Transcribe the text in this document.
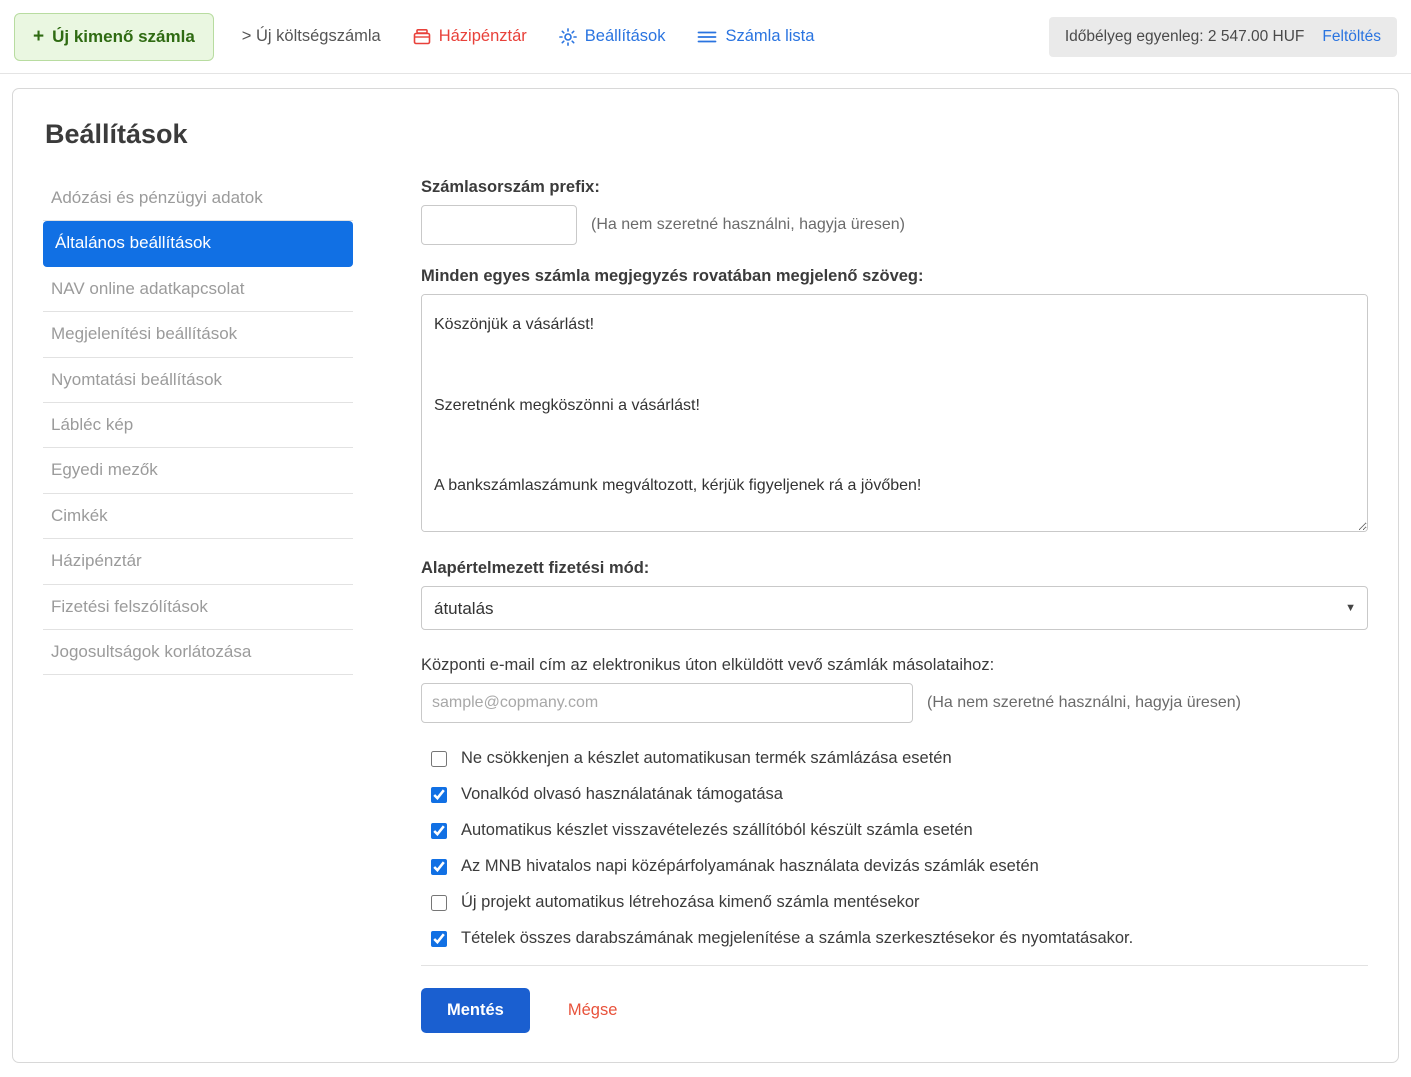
+ Új kimenő számla	> Új költségszámla	Házipénztár	Beállítások	Számla lista	Időbélyeg egyenleg: 2 547.00 HUF Feltöltés
Beállítások
Adózási és pénzügyi adatok
Általános beállítások
NAV online adatkapcsolat
Megjelenítési beállítások
Nyomtatási beállítások
Lábléc kép
Egyedi mezők
Cimkék
Házipénztár
Fizetési felszólítások
Jogosultságok korlátozása
Számlasorszám prefix:
(Ha nem szeretné használni, hagyja üresen)
Minden egyes számla megjegyzés rovatában megjelenő szöveg:
Köszönjük a vásárlást! Szeretnénk megköszönni a vásárlást! A bankszámlaszámunk megváltozott, kérjük figyeljenek rá a jövőben! Jogi formulákat is beilleszthetnék. Mi és hogyan jelenik meg a fentiekből? És ha további infót írok be?
Alapértelmezett fizetési mód:
átutalás
▼
Központi e-mail cím az elektronikus úton elküldött vevő számlák másolataihoz:
sample@copmany.com
(Ha nem szeretné használni, hagyja üresen)
Ne csökkenjen a készlet automatikusan termék számlázása esetén
Vonalkód olvasó használatának támogatása
Automatikus készlet visszavételezés szállítóból készült számla esetén
Az MNB hivatalos napi középárfolyamának használata devizás számlák esetén
Új projekt automatikus létrehozása kimenő számla mentésekor
Tételek összes darabszámának megjelenítése a számla szerkesztésekor és nyomtatásakor.
Mentés	Mégse
